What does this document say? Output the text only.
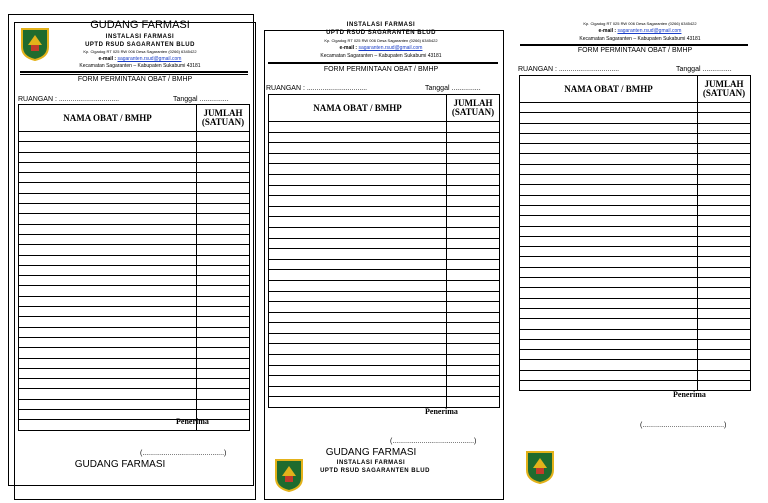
GUDANG FARMASI
INSTALASI FARMASI
UPTD RSUD SAGARANTEN BLUD
Kp. Cigadog RT 025 RW 006 Desa Sagaranten (0266) 6345422
e-mail : sagaranten.rsud@gmail.com
Kecamatan Sagaranten – Kabupaten Sukabumi 43181
FORM PERMINTAAN OBAT / BMHP
RUANGAN : ...............................	Tanggal ...............
NAMA OBAT / BMHP	JUMLAH
(SATUAN)

Penerima
(..........................................)
GUDANG FARMASI
INSTALASI FARMASI
UPTD RSUD SAGARANTEN BLUD
Kp. Cigadog RT 025 RW 006 Desa Sagaranten (0266) 6345422
e-mail : sagaranten.rsud@gmail.com
Kecamatan Sagaranten – Kabupaten Sukabumi 43181
FORM PERMINTAAN OBAT / BMHP
RUANGAN : ...............................	Tanggal ...............
NAMA OBAT / BMHP	JUMLAH
(SATUAN)

Penerima
(..........................................)
GUDANG FARMASI
INSTALASI FARMASI
UPTD RSUD SAGARANTEN BLUD
Kp. Cigadog RT 025 RW 006 Desa Sagaranten (0266) 6345422
e-mail : sagaranten.rsud@gmail.com
Kecamatan Sagaranten – Kabupaten Sukabumi 43181
FORM PERMINTAAN OBAT / BMHP
RUANGAN : ...............................	Tanggal ...............
NAMA OBAT / BMHP	JUMLAH
(SATUAN)

Penerima
(..........................................)
